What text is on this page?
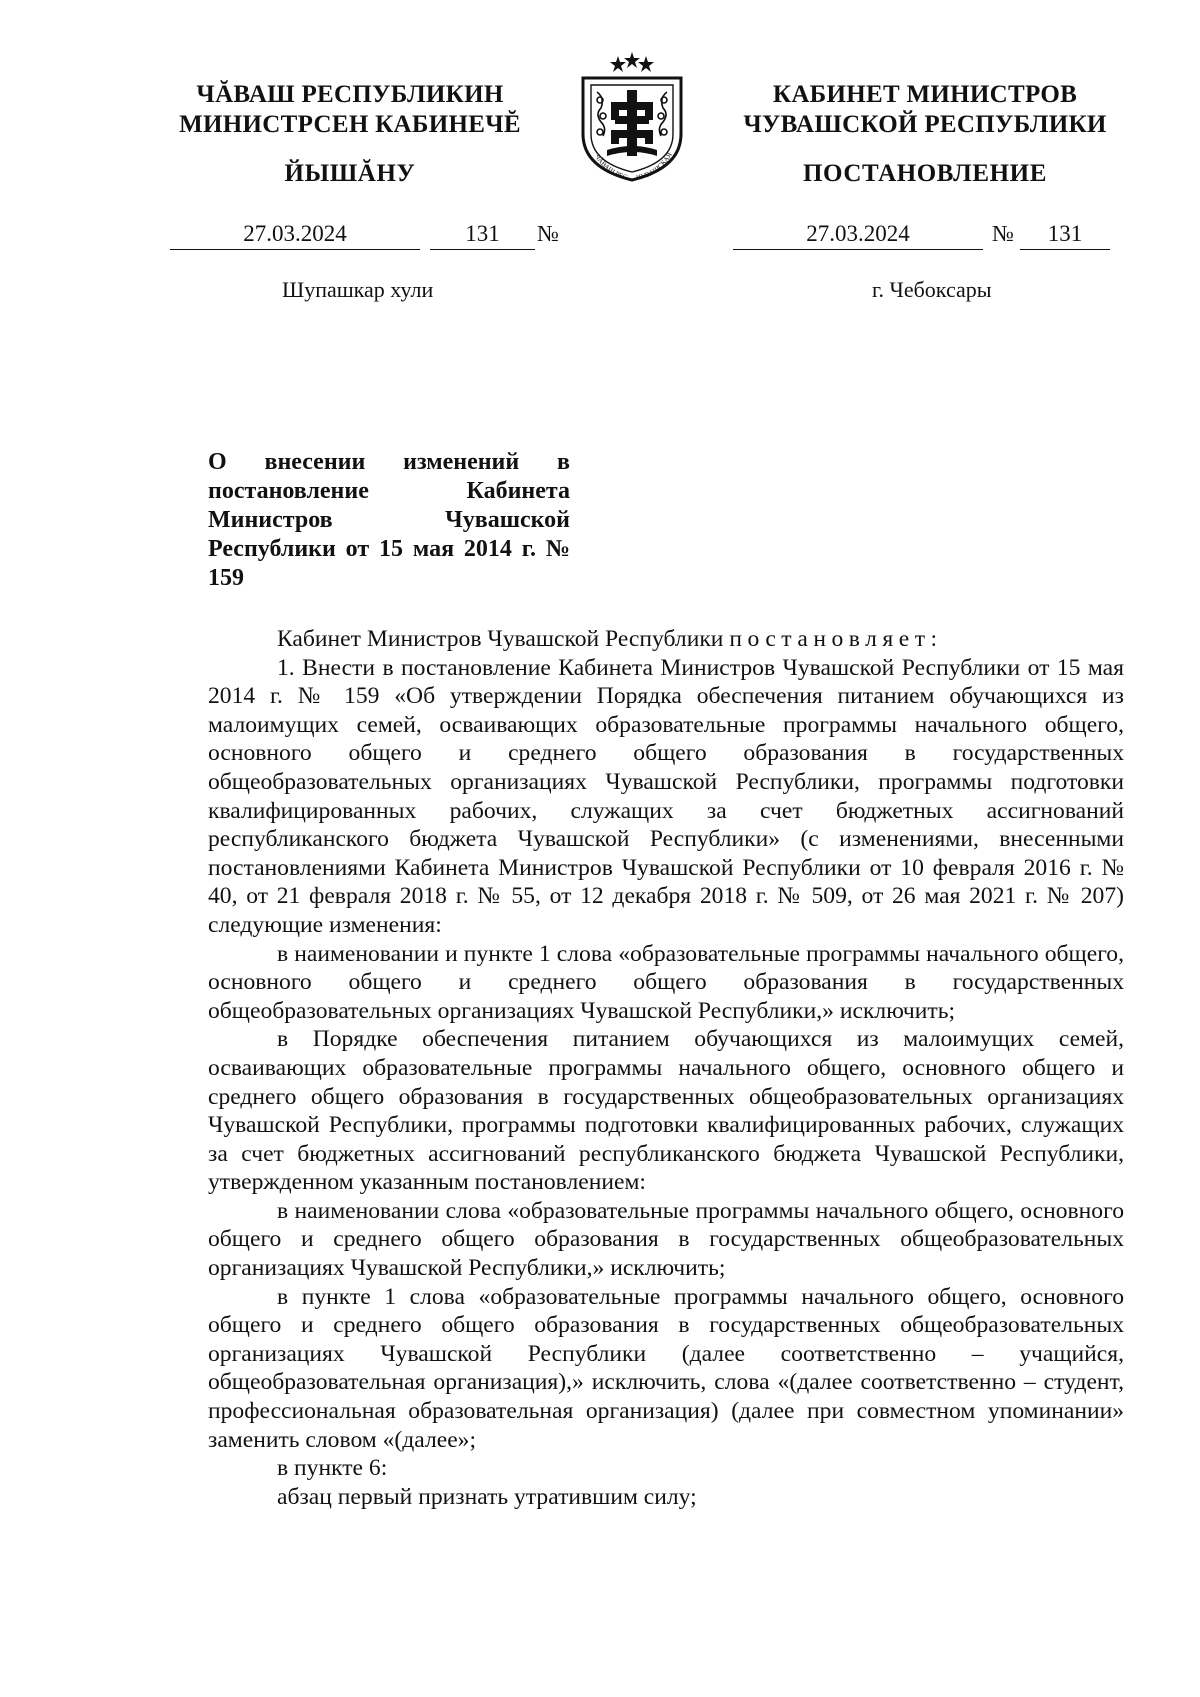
ЧĂВАШ РЕСПУБЛИКИН
МИНИСТРСЕН КАБИНЕЧĔ
ЙЫШĂНУ
КАБИНЕТ МИНИСТРОВ
ЧУВАШСКОЙ РЕСПУБЛИКИ
ПОСТАНОВЛЕНИЕ
ЧĂВАШ РЕС	ЧУВАШСКАЯ
27.03.2024	131	№	27.03.2024	№	131
Шупашкар хули	г. Чебоксары
О внесении изменений в постановление Кабинета Министров Чувашской Республики от 15 мая 2014 г. № 159

Кабинет Министров Чувашской Республики постановляет:

1. Внести в постановление Кабинета Министров Чувашской Республики от 15 мая 2014 г. № 159 «Об утверждении Порядка обеспечения питанием обучающихся из малоимущих семей, осваивающих образовательные программы начального общего, основного общего и среднего общего образования в государственных общеобразовательных организациях Чувашской Республики, программы подготовки квалифицированных рабочих, служащих за счет бюджетных ассигнований республиканского бюджета Чувашской Республики» (с изменениями, внесенными постановлениями Кабинета Министров Чувашской Республики от 10 февраля 2016 г. № 40, от 21 февраля 2018 г. № 55, от 12 декабря 2018 г. № 509, от 26 мая 2021 г. № 207) следующие изменения:

в наименовании и пункте 1 слова «образовательные программы начального общего, основного общего и среднего общего образования в государственных общеобразовательных организациях Чувашской Республики,» исключить;

в Порядке обеспечения питанием обучающихся из малоимущих семей, осваивающих образовательные программы начального общего, основного общего и среднего общего образования в государственных общеобразовательных организациях Чувашской Республики, программы подготовки квалифицированных рабочих, служащих за счет бюджетных ассигнований республиканского бюджета Чувашской Республики, утвержденном указанным постановлением:

в наименовании слова «образовательные программы начального общего, основного общего и среднего общего образования в государственных общеобразовательных организациях Чувашской Республики,» исключить;

в пункте 1 слова «образовательные программы начального общего, основного общего и среднего общего образования в государственных общеобразовательных организациях Чувашской Республики (далее соответственно – учащийся, общеобразовательная организация),» исключить, слова «(далее соответственно – студент, профессиональная образовательная организация) (далее при совместном упоминании» заменить словом «(далее»;

в пункте 6:

абзац первый признать утратившим силу;
